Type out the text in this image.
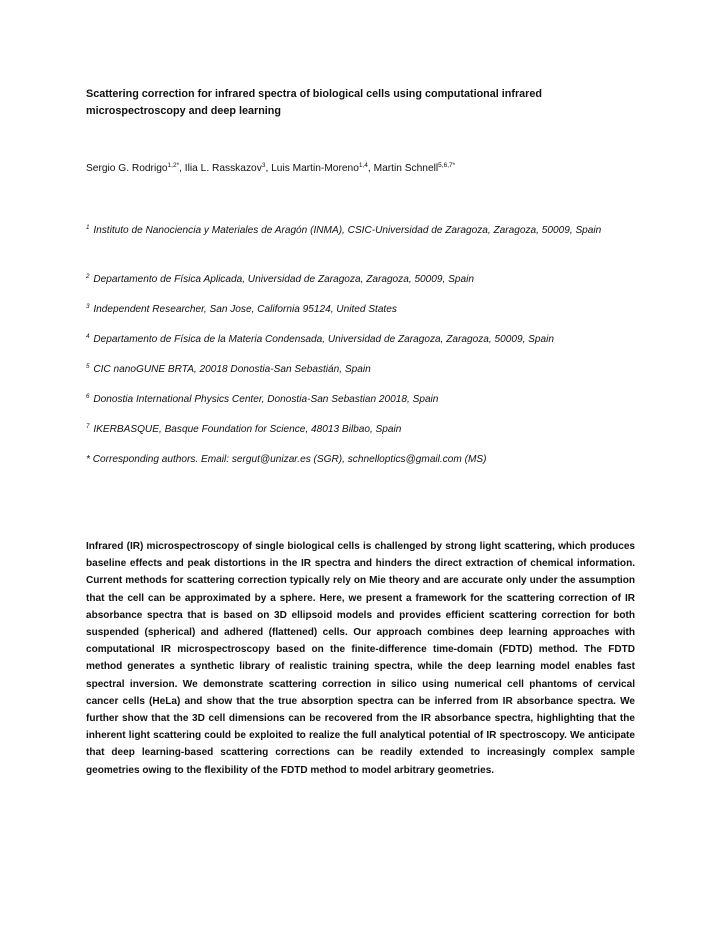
Scattering correction for infrared spectra of biological cells using computational infrared microspectroscopy and deep learning
Sergio G. Rodrigo$^{1,2*}$, Ilia L. Rasskazov$^3$, Luis Martin-Moreno$^{1,4}$, Martin Schnell$^{5,6,7*}$
$^1$ Instituto de Nanociencia y Materiales de Aragón (INMA), CSIC-Universidad de Zaragoza, Zaragoza, 50009, Spain
$^2$ Departamento de Física Aplicada, Universidad de Zaragoza, Zaragoza, 50009, Spain
$^3$ Independent Researcher, San Jose, California 95124, United States
$^4$ Departamento de Física de la Materia Condensada, Universidad de Zaragoza, Zaragoza, 50009, Spain
$^5$ CIC nanoGUNE BRTA, 20018 Donostia-San Sebastián, Spain
$^6$ Donostia International Physics Center, Donostia-San Sebastian 20018, Spain
$^7$ IKERBASQUE, Basque Foundation for Science, 48013 Bilbao, Spain
* Corresponding authors. Email: sergut@unizar.es (SGR), schnelloptics@gmail.com (MS)

Infrared (IR) microspectroscopy of single biological cells is challenged by strong light scattering, which produces baseline effects and peak distortions in the IR spectra and hinders the direct extraction of chemical information. Current methods for scattering correction typically rely on Mie theory and are accurate only under the assumption that the cell can be approximated by a sphere. Here, we present a framework for the scattering correction of IR absorbance spectra that is based on 3D ellipsoid models and provides efficient scattering correction for both suspended (spherical) and adhered (flattened) cells. Our approach combines deep learning approaches with computational IR microspectroscopy based on the finite-difference time-domain (FDTD) method. The FDTD method generates a synthetic library of realistic training spectra, while the deep learning model enables fast spectral inversion. We demonstrate scattering correction in silico using numerical cell phantoms of cervical cancer cells (HeLa) and show that the true absorption spectra can be inferred from IR absorbance spectra. We further show that the 3D cell dimensions can be recovered from the IR absorbance spectra, highlighting that the inherent light scattering could be exploited to realize the full analytical potential of IR spectroscopy. We anticipate that deep learning-based scattering corrections can be readily extended to increasingly complex sample geometries owing to the flexibility of the FDTD method to model arbitrary geometries.
